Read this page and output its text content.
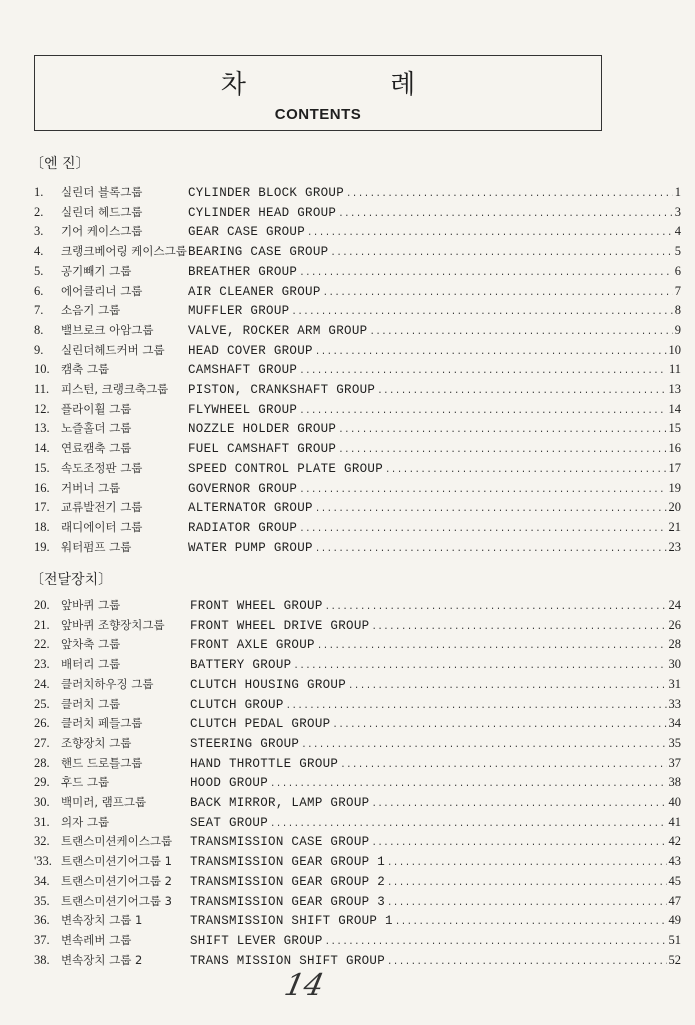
차 례
CONTENTS
〔엔 진〕
1.	실린더 블록그룹	CYLINDER BLOCK GROUP .....	1
2.	실린더 헤드그룹	CYLINDER HEAD GROUP .....	3
3.	기어 케이스그룹	GEAR CASE GROUP .....	4
4.	크랭크베어링 케이스그룹 BEARING CASE GROUP .....	5
5.	공기빼기 그룹	BREATHER GROUP .....	6
6.	에어클리너 그룹	AIR CLEANER GROUP .....	7
7.	소음기 그룹	MUFFLER GROUP .....	8
8.	밸브로크 아암그룹	VALVE, ROCKER ARM GROUP .....	9
9.	실린더헤드커버 그룹 HEAD COVER GROUP .....	10
10. 캠축 그룹	CAMSHAFT GROUP .....	11
11.	피스턴, 크랭크축그룹 PISTON, CRANKSHAFT GROUP .....	13
12. 플라이휠 그룹	FLYWHEEL GROUP .....	14
13. 노즐홀더 그룹	NOZZLE HOLDER GROUP .....	15
14. 연료캠축 그룹	FUEL CAMSHAFT GROUP .....	16
15. 속도조정판 그룹	SPEED CONTROL PLATE GROUP .....	17
16. 거버너 그룹	GOVERNOR GROUP .....	19
17. 교류발전기 그룹	ALTERNATOR GROUP .....	20
18. 래디에이터 그룹	RADIATOR GROUP .....	21
19. 워터펌프 그룹	WATER PUMP GROUP .....	23
〔전달장치〕
20. 앞바퀴 그룹	FRONT WHEEL GROUP .....	24
21. 앞바퀴 조향장치그룹 FRONT WHEEL DRIVE GROUP .....	26
22. 앞차축 그룹	FRONT AXLE GROUP .....	28
23. 배터리 그룹	BATTERY GROUP .....	30
24. 클러치하우징 그룹	CLUTCH HOUSING GROUP .....	31
25. 클러치 그룹	CLUTCH GROUP .....	33
26. 클러치 페들그룹	CLUTCH PEDAL GROUP .....	34
27. 조향장치 그룹	STEERING GROUP .....	35
28. 핸드 드로틀그룹	HAND THROTTLE GROUP .....	37
29. 후드 그룹	HOOD GROUP .....	38
30. 백미러, 램프그룹	BACK MIRROR, LAMP GROUP .....	40
31. 의자 그룹	SEAT GROUP .....	41
32. 트랜스미션케이스그룹 TRANSMISSION CASE GROUP .....	42
'33. 트랜스미션기어그룹 1 TRANSMISSION GEAR GROUP 1 .....	43
34. 트랜스미션기어그룹 2 TRANSMISSION GEAR GROUP 2 .....	45
35. 트랜스미션기어그룹 3 TRANSMISSION GEAR GROUP 3 .....	47
36. 변속장치 그룹 1	TRANSMISSION SHIFT GROUP 1 .....	49
37. 변속레버 그룹	SHIFT LEVER GROUP .....	51
38. 변속장치 그룹 2	TRANS MISSION SHIFT GROUP .....	52
14
